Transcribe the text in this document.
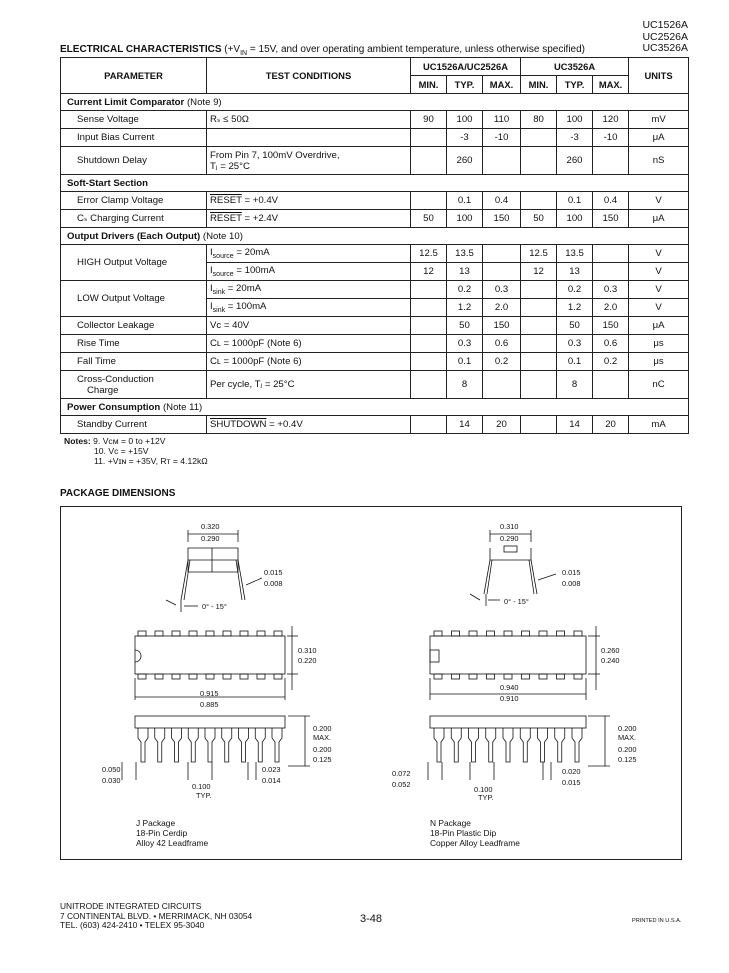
UC1526A
UC2526A
UC3526A
ELECTRICAL CHARACTERISTICS ($+V_{IN} = 15V$, and over operating ambient temperature, unless otherwise specified)
PARAMETER	TEST CONDITIONS	UC1526A/UC2526A			UC3526A			UNITS
		MIN.	TYP.	MAX.	MIN.	TYP.	MAX.	
Current Limit Comparator (Note 9)								
Sense Voltage	Rₛ ≤ 50Ω	90	100	110	80	100	120	mV
Input Bias Current			-3	-10		-3	-10	μA
Shutdown Delay	From Pin 7, 100mV Overdrive,
Tⱼ = 25°C		260			260		nS
Soft-Start Section								
Error Clamp Voltage	RESET = +0.4V		0.1	0.4		0.1	0.4	V
Cₛ Charging Current	RESET = +2.4V	50	100	150	50	100	150	μA
Output Drivers (Each Output) (Note 10)								
HIGH Output Voltage	$I_{source} = 20mA$	12.5	13.5		12.5	13.5		V
	$I_{source} = 100mA$	12	13		12	13		V
LOW Output Voltage	$I_{sink} = 20mA$		0.2	0.3		0.2	0.3	V
	$I_{sink} = 100mA$		1.2	2.0		1.2	2.0	V
Collector Leakage	Vᴄ = 40V		50	150		50	150	μA
Rise Time	Cʟ = 1000pF (Note 6)		0.3	0.6		0.3	0.6	μs
Fall Time	Cʟ = 1000pF (Note 6)		0.1	0.2		0.1	0.2	μs

Cross-Conduction
Charge	Per cycle, Tⱼ = 25°C		8			8		nC
Power Consumption (Note 11)								
Standby Current	SHUTDOWN = +0.4V		14	20		14	20	mA
Notes: 9. Vᴄᴍ = 0 to +12V
10. Vᴄ = +15V
11. +Vɪɴ = +35V, Rᴛ = 4.12kΩ
PACKAGE DIMENSIONS
0.320
0.290
0.015
0.008
0° - 15°
0.310
0.290
0.015
0.008
0° - 15°
0.310
0.220
0.915
0.885
0.260
0.240
0.940
0.910
0.200
MAX.
0.200
0.125
0.050
0.030
0.100
TYP.
0.023
0.014
0.200
MAX.
0.200
0.125
0.072
0.052
0.100
TYP.
0.020
0.015
J Package
18-Pin Cerdip
Alloy 42 Leadframe
N Package
18-Pin Plastic Dip
Copper Alloy Leadframe
UNITRODE INTEGRATED CIRCUITS
7 CONTINENTAL BLVD. • MERRIMACK, NH 03054
TEL. (603) 424-2410 • TELEX 95-3040	3-48	PRINTED IN U.S.A.
